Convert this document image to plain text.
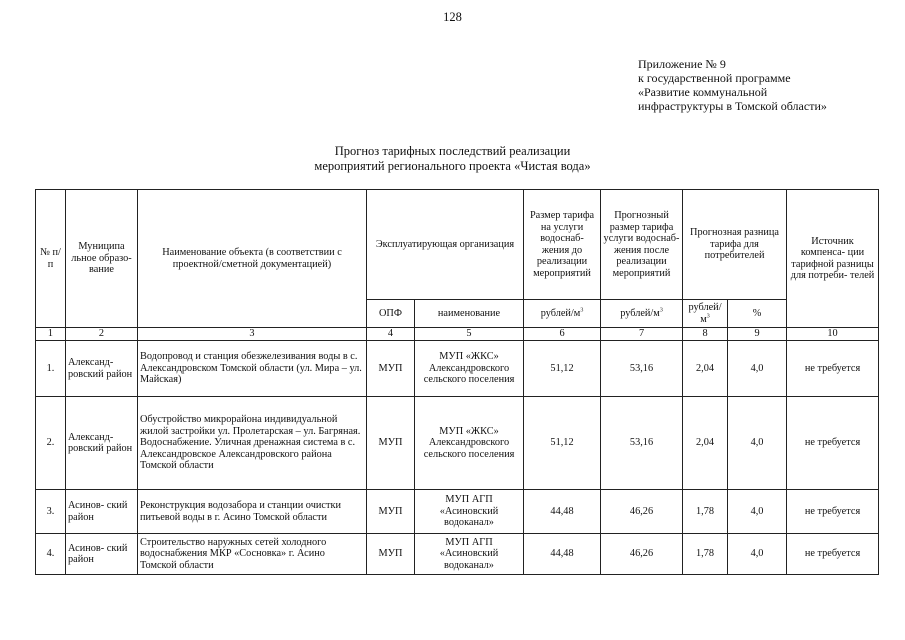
128
Приложение № 9
к государственной программе
«Развитие коммунальной
инфраструктуры в Томской области»
Прогноз тарифных последствий реализации
мероприятий регионального проекта «Чистая вода»
№ п/п	Муниципа льное образо- вание	Наименование объекта (в соответствии с проектной/сметной документацией)	Эксплуатирующая организация		Размер тарифа на услуги водоснаб- жения до реализации мероприятий	Прогнозный размер тарифа услуги водоснаб- жения после реализации мероприятий	Прогнозная разница тарифа для потребителей		Источник компенса- ции тарифной разницы для потреби- телей
			ОПФ	наименование	рублей/$м^3$	рублей/$м^3$	рублей/$м^3$	%	
1	2	3	4	5	6	7	8	9	10
1.	Александ- ровский район	Водопровод и станция обезжелезивания воды в с. Александровском Томской области (ул. Мира – ул. Майская)	МУП	МУП «ЖКС» Александровского сельского поселения	51,12	53,16	2,04	4,0	не требуется
2.	Александ- ровский район	Обустройство микрорайона индивидуальной жилой застройки ул. Пролетарская – ул. Багряная. Водоснабжение. Уличная дренажная система в с. Александровское Александровского района Томской области	МУП	МУП «ЖКС» Александровского сельского поселения	51,12	53,16	2,04	4,0	не требуется
3.	Асинов- ский район	Реконструкция водозабора и станции очистки питьевой воды в г. Асино Томской области	МУП	МУП АГП «Асиновский водоканал»	44,48	46,26	1,78	4,0	не требуется
4.	Асинов- ский район	Строительство наружных сетей холодного водоснабжения МКР «Сосновка» г. Асино Томской области	МУП	МУП АГП «Асиновский водоканал»	44,48	46,26	1,78	4,0	не требуется
